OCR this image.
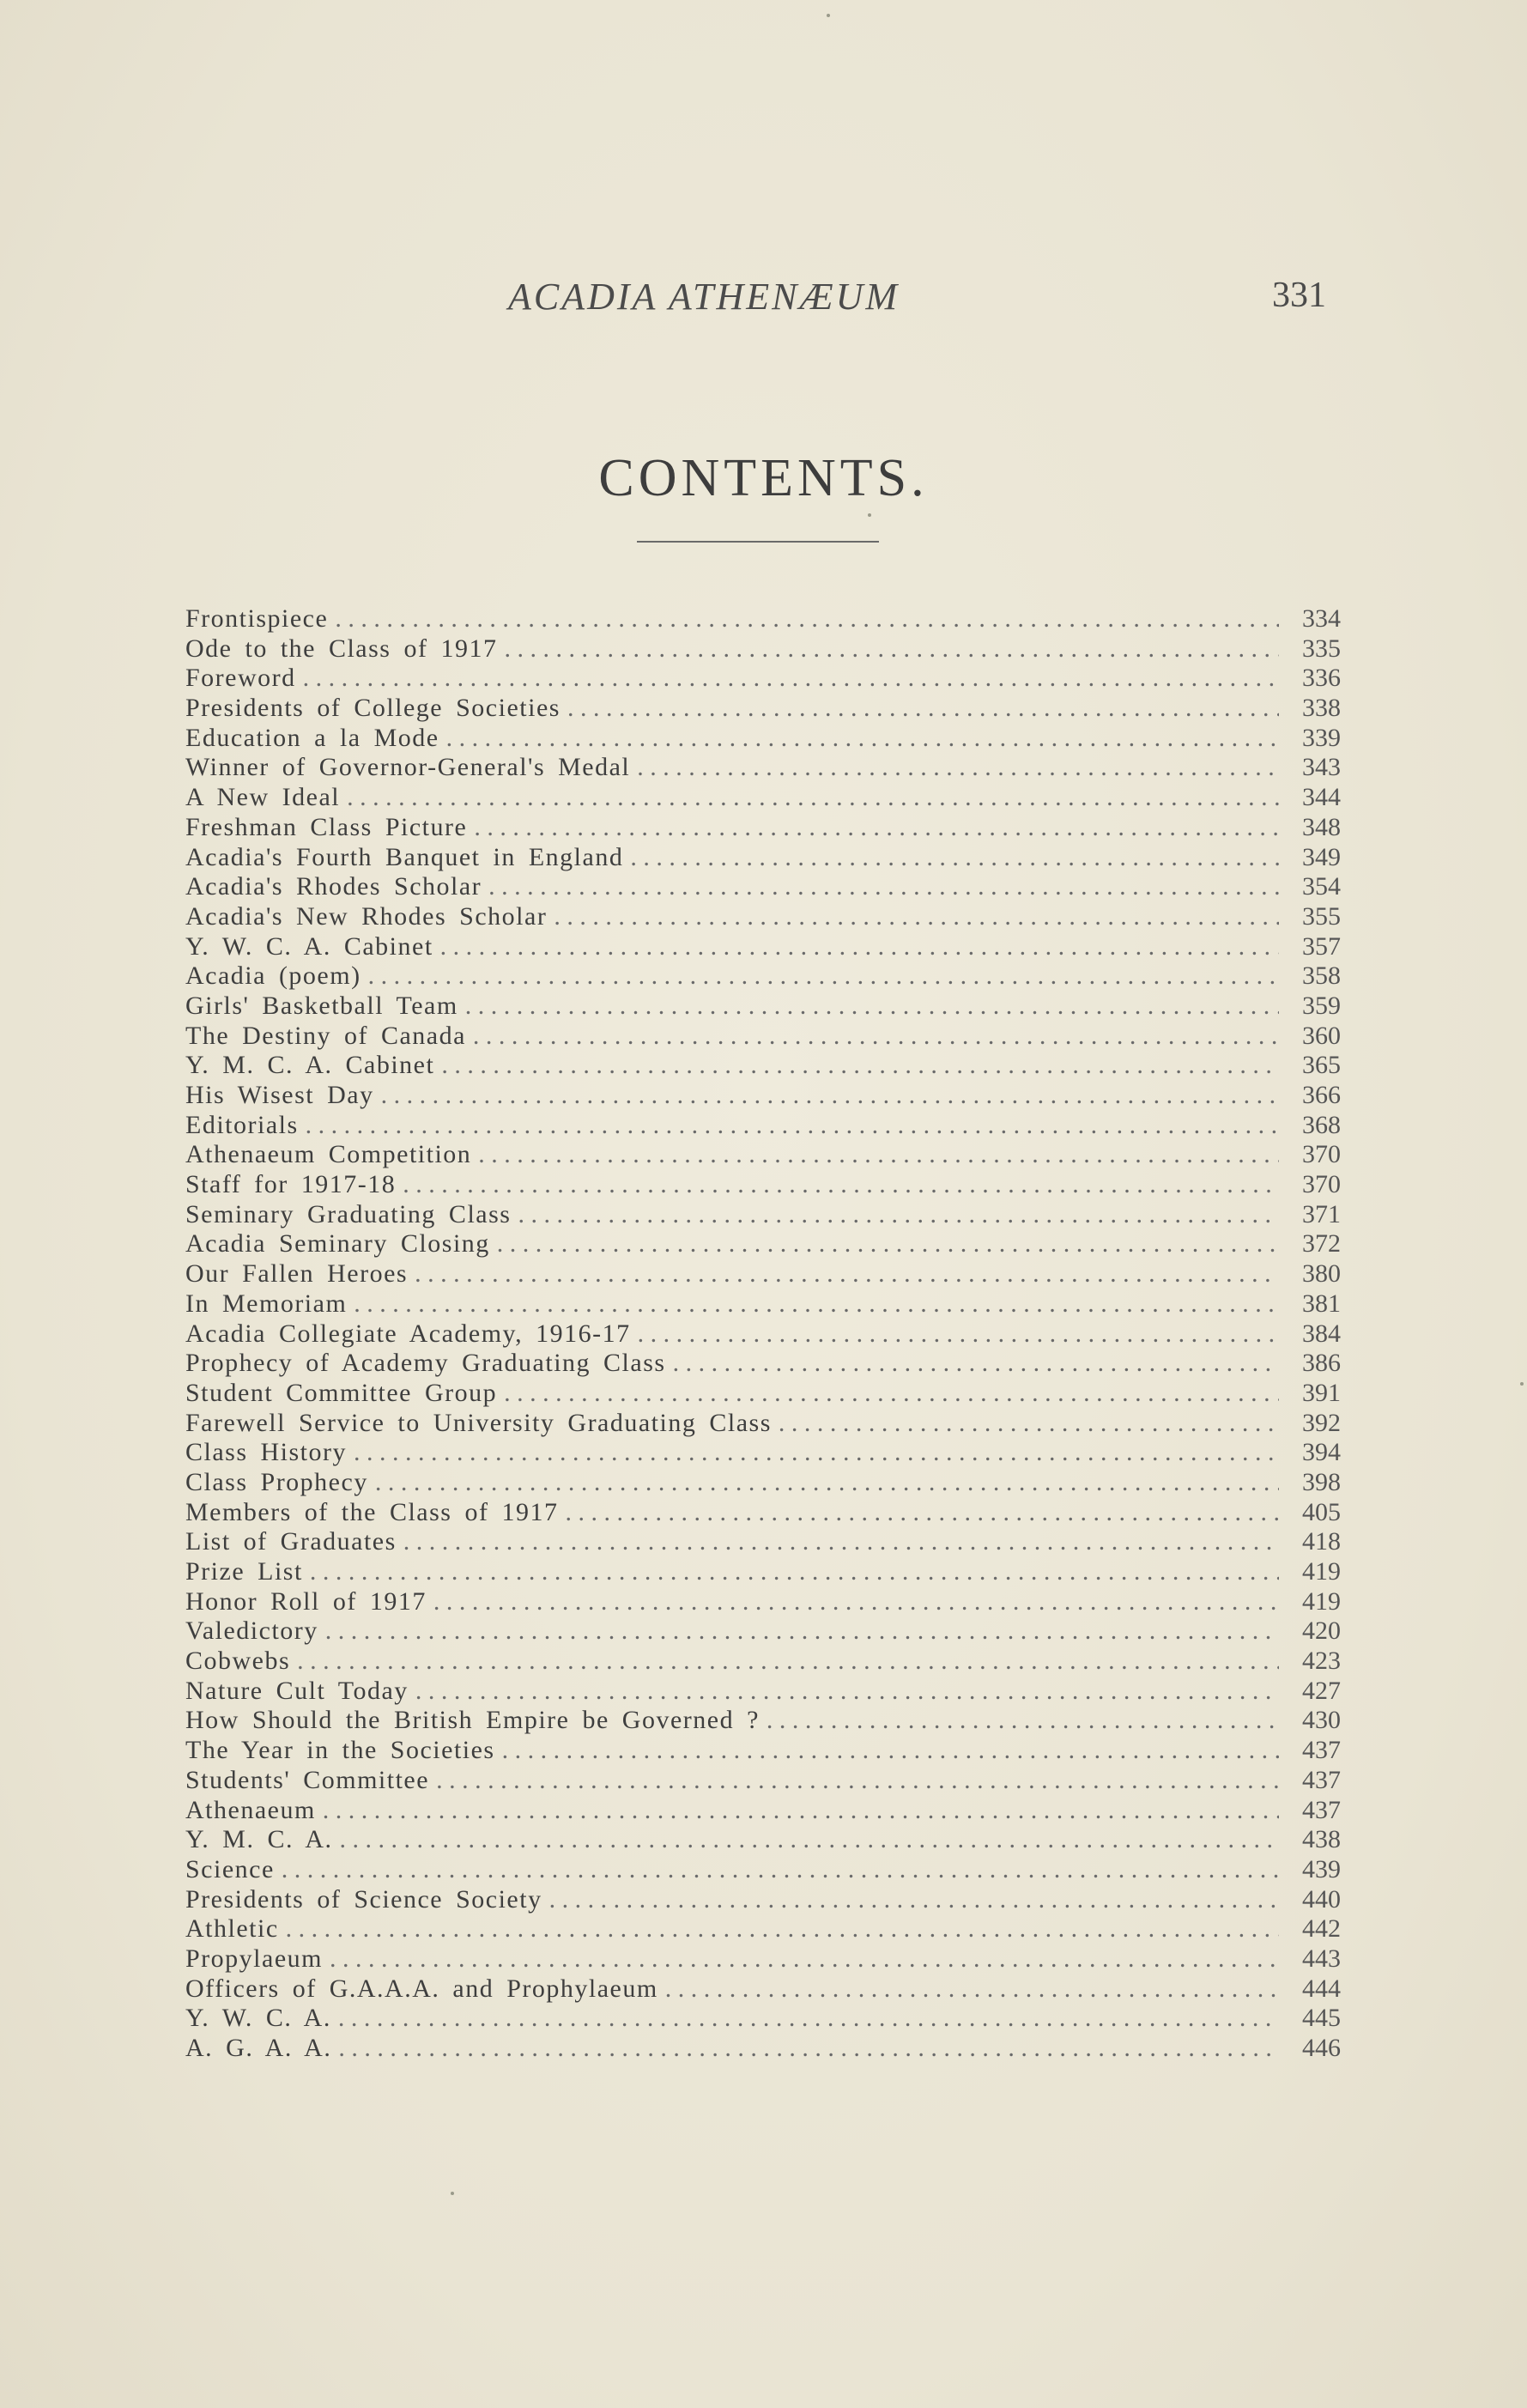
ACADIA ATHENÆUM	331
CONTENTS.
Frontispiece . . .	334
Ode to the Class of 1917 . . .	335
Foreword . . .	336
Presidents of College Societies . . .	338
Education a la Mode . . .	339
Winner of Governor-General's Medal . . .	343
A New Ideal . . .	344
Freshman Class Picture . . .	348
Acadia's Fourth Banquet in England . . .	349
Acadia's Rhodes Scholar . . .	354
Acadia's New Rhodes Scholar . . .	355
Y. W. C. A. Cabinet . . .	357
Acadia (poem) . . .	358
Girls' Basketball Team . . .	359
The Destiny of Canada . . .	360
Y. M. C. A. Cabinet . . .	365
His Wisest Day . . .	366
Editorials . . .	368
Athenaeum Competition . . .	370
Staff for 1917-18 . . .	370
Seminary Graduating Class . . .	371
Acadia Seminary Closing . . .	372
Our Fallen Heroes . . .	380
In Memoriam . . .	381
Acadia Collegiate Academy, 1916-17 . . .	384
Prophecy of Academy Graduating Class . . .	386
Student Committee Group . . .	391
Farewell Service to University Graduating Class . . .	392
Class History . . .	394
Class Prophecy . . .	398
Members of the Class of 1917 . . .	405
List of Graduates . . .	418
Prize List . . .	419
Honor Roll of 1917 . . .	419
Valedictory . . .	420
Cobwebs . . .	423
Nature Cult Today . . .	427
How Should the British Empire be Governed ? . . .	430
The Year in the Societies . . .	437
Students' Committee . . .	437
Athenaeum . . .	437
Y. M. C. A. . . .	438
Science . . .	439
Presidents of Science Society . . .	440
Athletic . . .	442
Propylaeum . . .	443
Officers of G.A.A.A. and Prophylaeum . . .	444
Y. W. C. A. . . .	445
A. G. A. A. . . .	446
